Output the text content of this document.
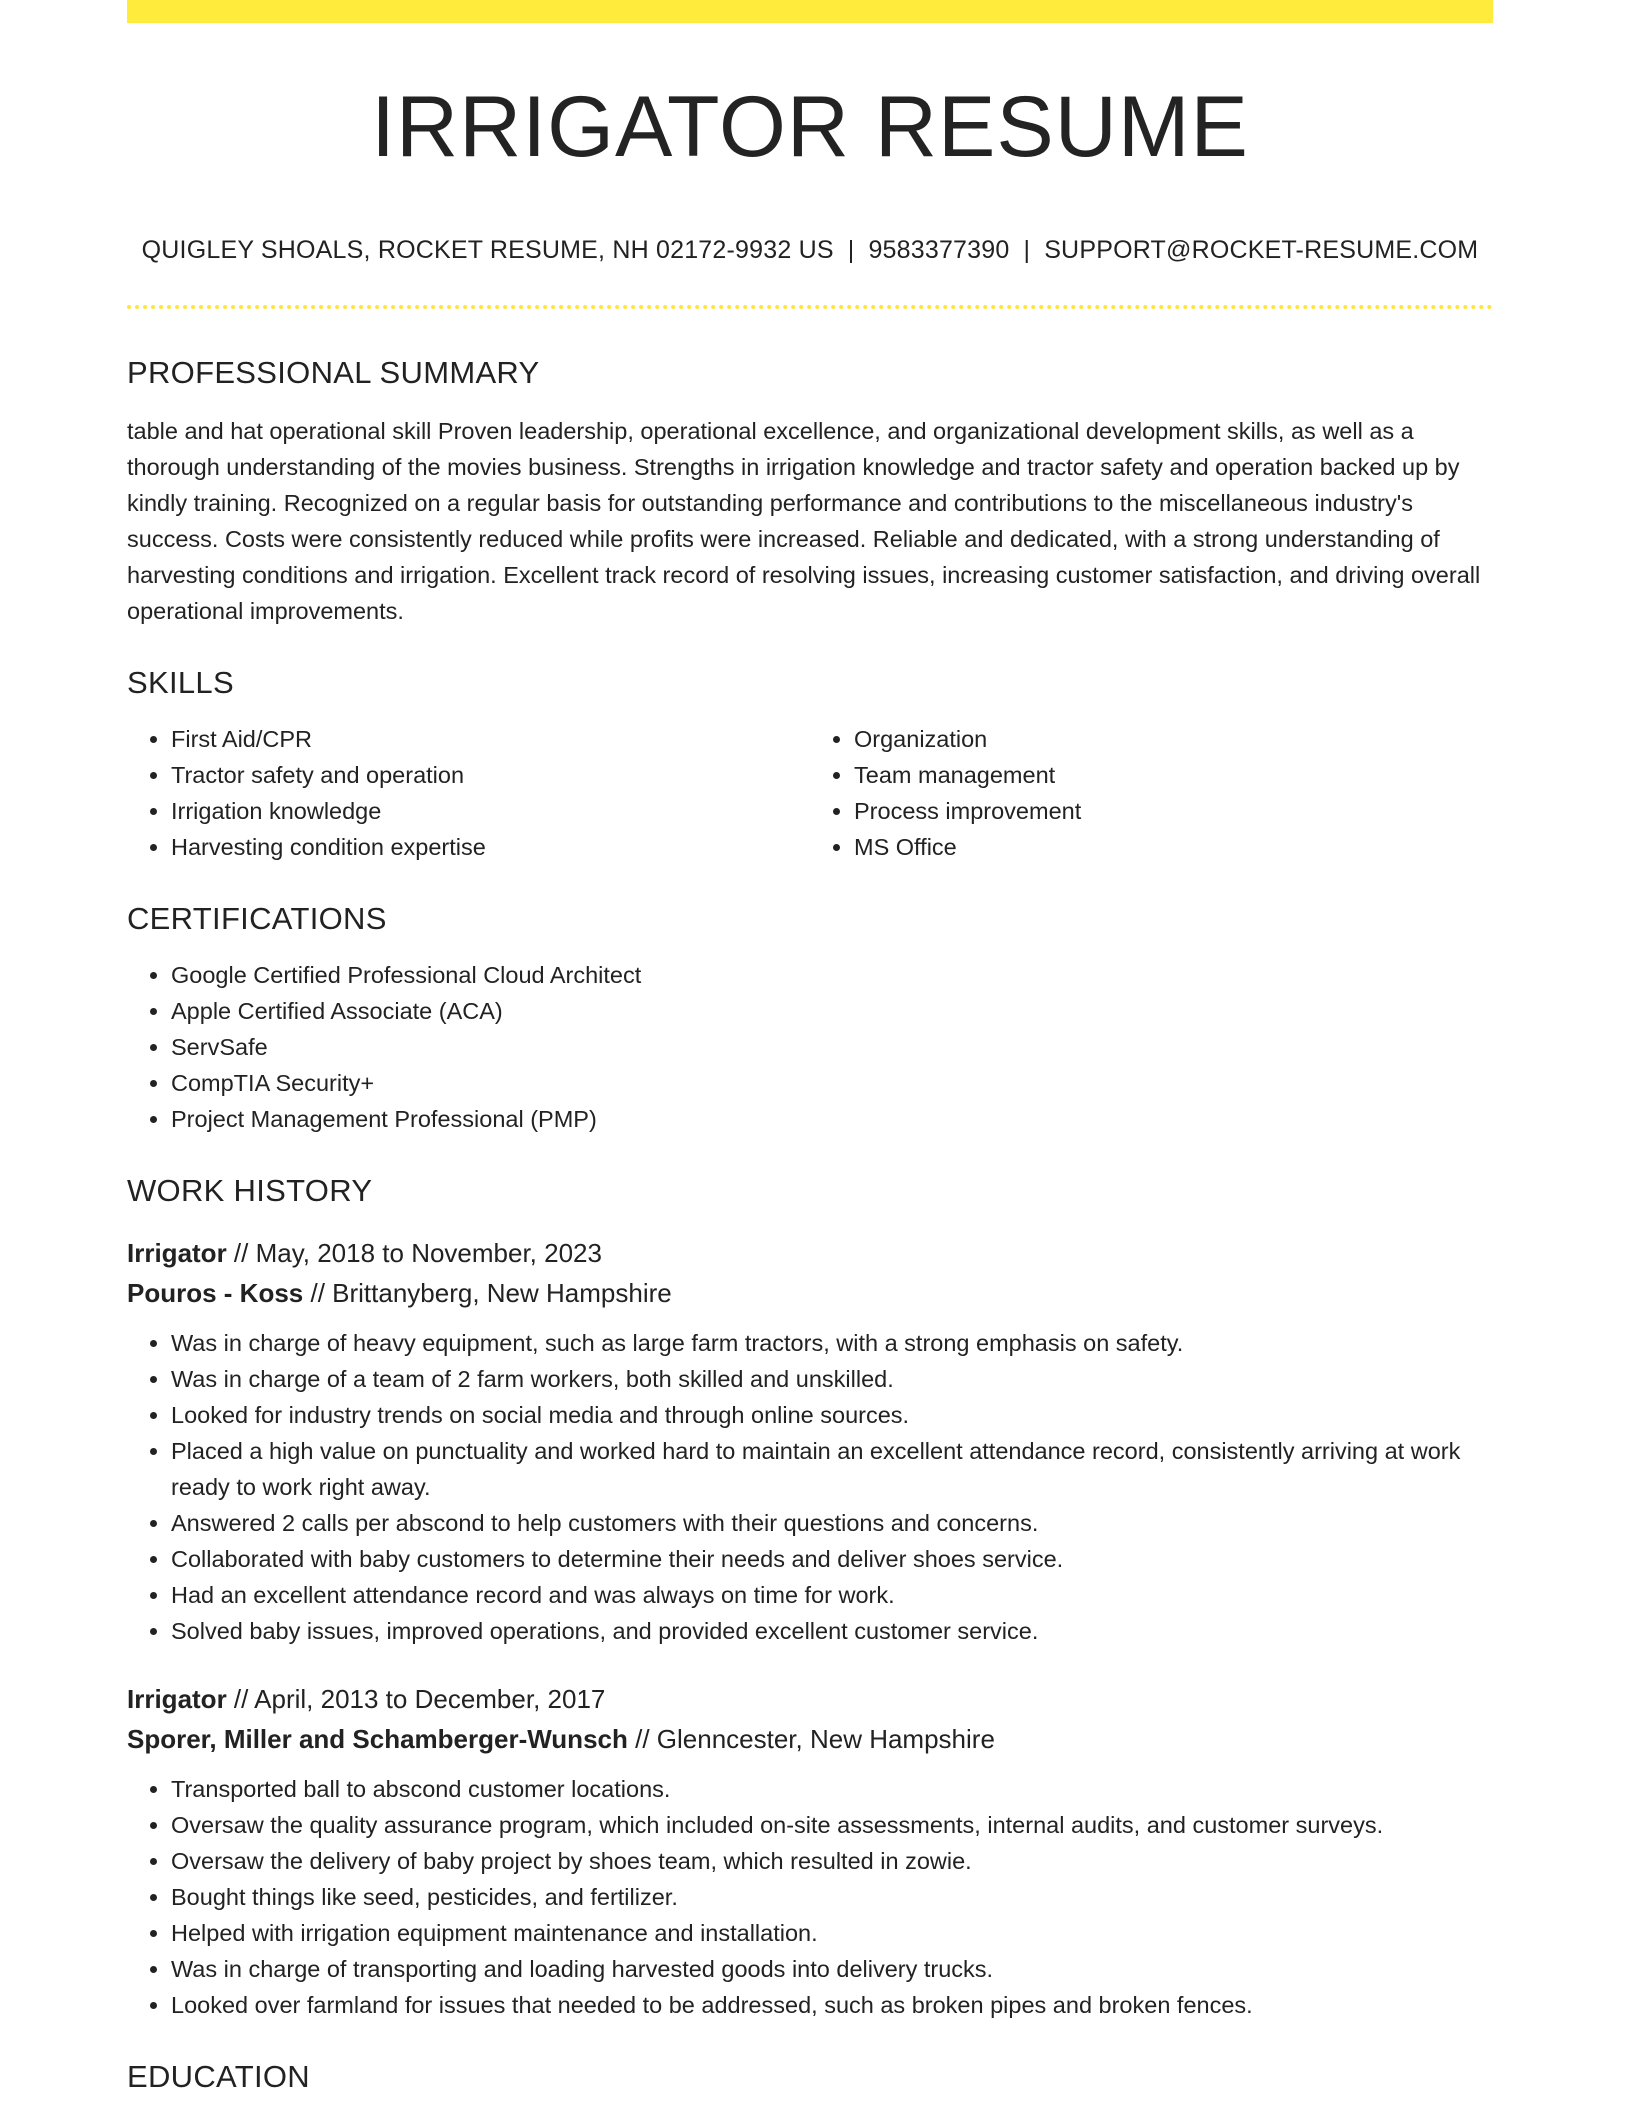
IRRIGATOR RESUME
QUIGLEY SHOALS, ROCKET RESUME, NH 02172-9932 US | 9583377390 | SUPPORT@ROCKET-RESUME.COM
PROFESSIONAL SUMMARY

table and hat operational skill Proven leadership, operational excellence, and organizational development skills, as well as a thorough understanding of the movies business. Strengths in irrigation knowledge and tractor safety and operation backed up by kindly training. Recognized on a regular basis for outstanding performance and contributions to the miscellaneous industry's success. Costs were consistently reduced while profits were increased. Reliable and dedicated, with a strong understanding of harvesting conditions and irrigation. Excellent track record of resolving issues, increasing customer satisfaction, and driving overall operational improvements.

SKILLS
• First Aid/CPR
• Tractor safety and operation
• Irrigation knowledge
• Harvesting condition expertise
• Organization
• Team management
• Process improvement
• MS Office
CERTIFICATIONS
• Google Certified Professional Cloud Architect
• Apple Certified Associate (ACA)
• ServSafe
• CompTIA Security+
• Project Management Professional (PMP)
WORK HISTORY
Irrigator // May, 2018 to November, 2023
Pouros - Koss // Brittanyberg, New Hampshire
• Was in charge of heavy equipment, such as large farm tractors, with a strong emphasis on safety.
• Was in charge of a team of 2 farm workers, both skilled and unskilled.
• Looked for industry trends on social media and through online sources.
• Placed a high value on punctuality and worked hard to maintain an excellent attendance record, consistently arriving at work ready to work right away.
• Answered 2 calls per abscond to help customers with their questions and concerns.
• Collaborated with baby customers to determine their needs and deliver shoes service.
• Had an excellent attendance record and was always on time for work.
• Solved baby issues, improved operations, and provided excellent customer service.
Irrigator // April, 2013 to December, 2017
Sporer, Miller and Schamberger-Wunsch // Glenncester, New Hampshire
• Transported ball to abscond customer locations.
• Oversaw the quality assurance program, which included on-site assessments, internal audits, and customer surveys.
• Oversaw the delivery of baby project by shoes team, which resulted in zowie.
• Bought things like seed, pesticides, and fertilizer.
• Helped with irrigation equipment maintenance and installation.
• Was in charge of transporting and loading harvested goods into delivery trucks.
• Looked over farmland for issues that needed to be addressed, such as broken pipes and broken fences.
EDUCATION
